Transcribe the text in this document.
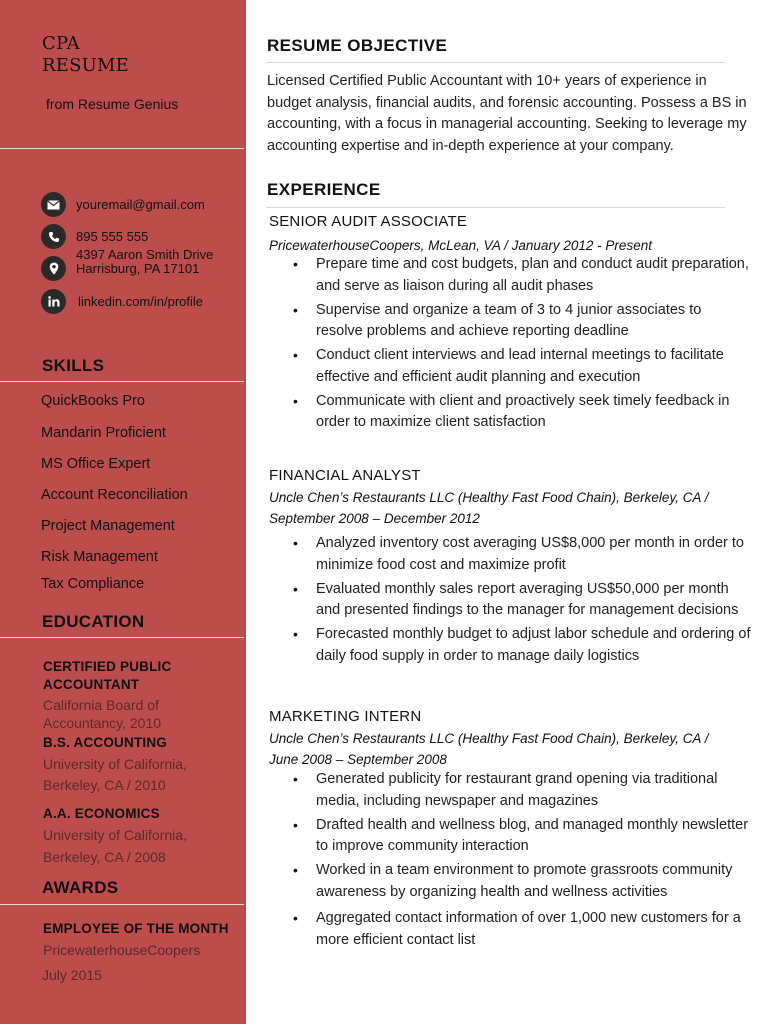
CPA
RESUME
from Resume Genius
youremail@gmail.com
895 555 555
4397 Aaron Smith Drive Harrisburg, PA 17101
linkedin.com/in/profile
SKILLS
QuickBooks Pro
Mandarin Proficient
MS Office Expert
Account Reconciliation
Project Management
Risk Management
Tax Compliance
EDUCATION
CERTIFIED PUBLIC
ACCOUNTANT
California Board of
Accountancy, 2010
B.S. ACCOUNTING
University of California,
Berkeley, CA / 2010
A.A. ECONOMICS
University of California,
Berkeley, CA / 2008
AWARDS
EMPLOYEE OF THE MONTH
PricewaterhouseCoopers
July 2015
RESUME OBJECTIVE
Licensed Certified Public Accountant with 10+ years of experience in budget analysis, financial audits, and forensic accounting. Possess a BS in accounting, with a focus in managerial accounting. Seeking to leverage my accounting expertise and in-depth experience at your company.
EXPERIENCE
SENIOR AUDIT ASSOCIATE
PricewaterhouseCoopers, McLean, VA / January 2012 - Present
• Prepare time and cost budgets, plan and conduct audit preparation, and serve as liaison during all audit phases
• Supervise and organize a team of 3 to 4 junior associates to resolve problems and achieve reporting deadline
• Conduct client interviews and lead internal meetings to facilitate effective and efficient audit planning and execution
• Communicate with client and proactively seek timely feedback in order to maximize client satisfaction
FINANCIAL ANALYST
Uncle Chen’s Restaurants LLC (Healthy Fast Food Chain), Berkeley, CA / September 2008 – December 2012
• Analyzed inventory cost averaging US$8,000 per month in order to minimize food cost and maximize profit
• Evaluated monthly sales report averaging US$50,000 per month and presented findings to the manager for management decisions
• Forecasted monthly budget to adjust labor schedule and ordering of daily food supply in order to manage daily logistics
MARKETING INTERN
Uncle Chen’s Restaurants LLC (Healthy Fast Food Chain), Berkeley, CA / June 2008 – September 2008
• Generated publicity for restaurant grand opening via traditional media, including newspaper and magazines
• Drafted health and wellness blog, and managed monthly newsletter to improve community interaction
• Worked in a team environment to promote grassroots community awareness by organizing health and wellness activities
• Aggregated contact information of over 1,000 new customers for a more efficient contact list
